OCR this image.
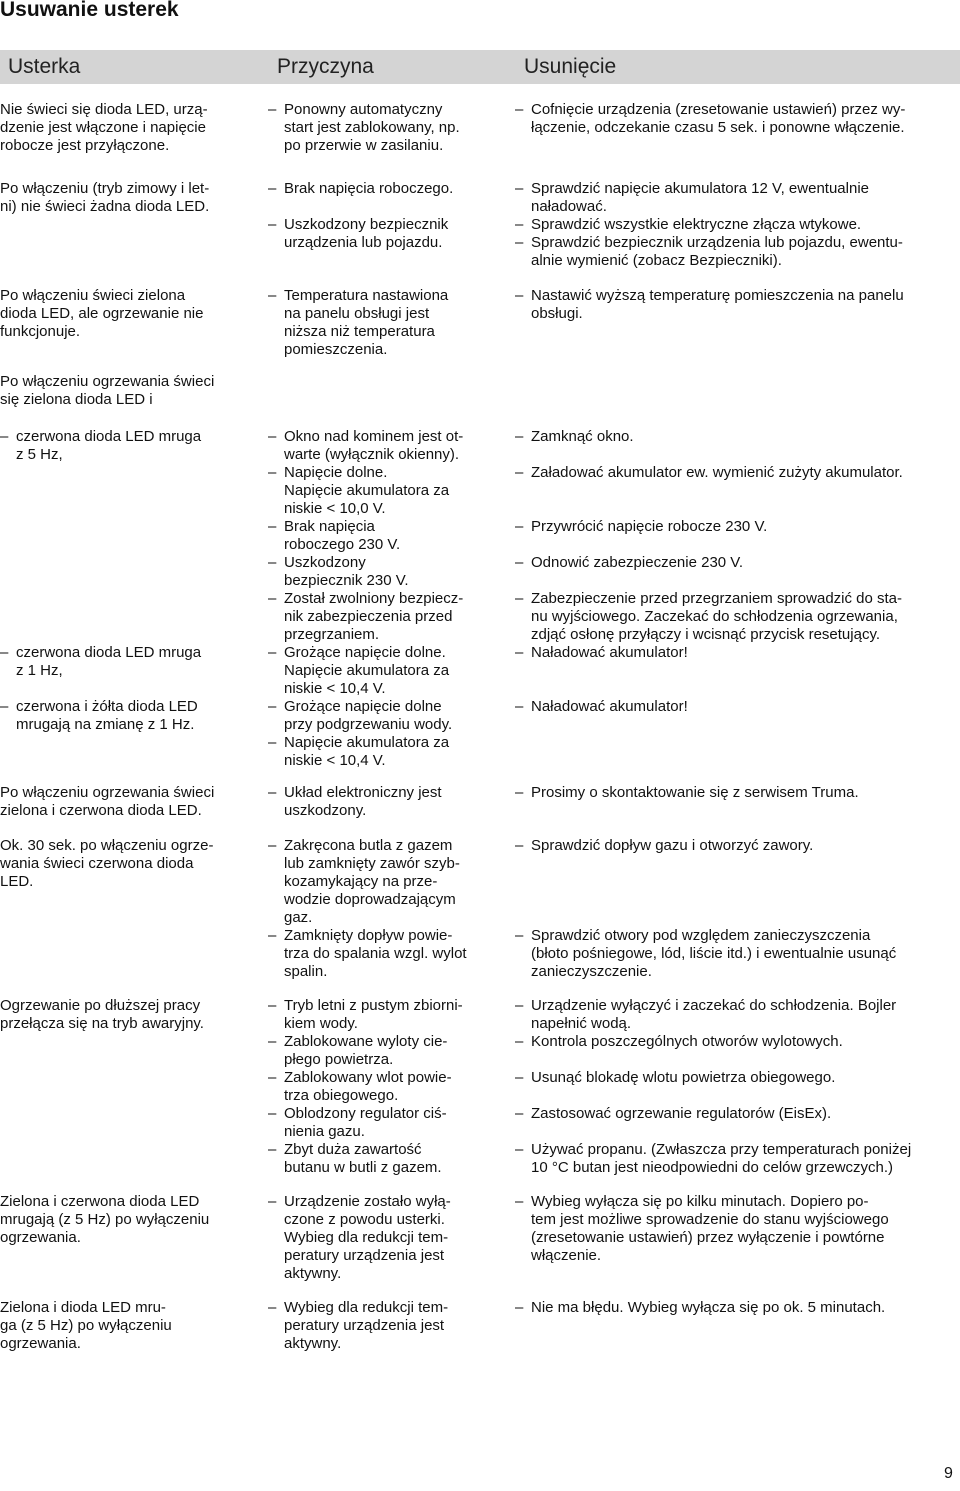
Usuwanie usterek
Usterka	Przyczyna	Usunięcie
Nie świeci się dioda LED, urzą-
dzenie jest włączone i napięcie
robocze jest przyłączone.
– Ponowny automatyczny
start jest zablokowany, np.
po przerwie w zasilaniu.
– Cofnięcie urządzenia (zresetowanie ustawień) przez wy-
łączenie, odczekanie czasu 5 sek. i ponowne włączenie.
Po włączeniu (tryb zimowy i let-
ni) nie świeci żadna dioda LED.
– Brak napięcia roboczego.
– Uszkodzony bezpiecznik
urządzenia lub pojazdu.
– Sprawdzić napięcie akumulatora 12 V, ewentualnie
naładować.
– Sprawdzić wszystkie elektryczne złącza wtykowe.
– Sprawdzić bezpiecznik urządzenia lub pojazdu, ewentu-
alnie wymienić (zobacz Bezpieczniki).
Po włączeniu świeci zielona
dioda LED, ale ogrzewanie nie
funkcjonuje.
– Temperatura nastawiona
na panelu obsługi jest
niższa niż temperatura
pomieszczenia.
– Nastawić wyższą temperaturę pomieszczenia na panelu
obsługi.
Po włączeniu ogrzewania świeci
się zielona dioda LED i
– czerwona dioda LED mruga
z 5 Hz,
– czerwona dioda LED mruga
z 1 Hz,
– czerwona i żółta dioda LED
mrugają na zmianę z 1 Hz.
– Okno nad kominem jest ot-
warte (wyłącznik okienny).
– Napięcie dolne.
Napięcie akumulatora za
niskie < 10,0 V.
– Brak napięcia
roboczego 230 V.
– Uszkodzony
bezpiecznik 230 V.
– Został zwolniony bezpiecz-
nik zabezpieczenia przed
przegrzaniem.
– Grożące napięcie dolne.
Napięcie akumulatora za
niskie < 10,4 V.
– Grożące napięcie dolne
przy podgrzewaniu wody.
– Napięcie akumulatora za
niskie < 10,4 V.
– Zamknąć okno.
– Załadować akumulator ew. wymienić zużyty akumulator.
– Przywrócić napięcie robocze 230 V.
– Odnowić zabezpieczenie 230 V.
– Zabezpieczenie przed przegrzaniem sprowadzić do sta-
nu wyjściowego. Zaczekać do schłodzenia ogrzewania,
zdjąć osłonę przyłączy i wcisnąć przycisk resetujący.
– Naładować akumulator!
– Naładować akumulator!
Po włączeniu ogrzewania świeci
zielona i czerwona dioda LED.
– Układ elektroniczny jest
uszkodzony.
– Prosimy o skontaktowanie się z serwisem Truma.
Ok. 30 sek. po włączeniu ogrze-
wania świeci czerwona dioda
LED.
– Zakręcona butla z gazem
lub zamknięty zawór szyb-
kozamykający na prze-
wodzie doprowadzającym
gaz.
– Zamknięty dopływ powie-
trza do spalania wzgl. wylot
spalin.
– Sprawdzić dopływ gazu i otworzyć zawory.
– Sprawdzić otwory pod względem zanieczyszczenia
(błoto pośniegowe, lód, liście itd.) i ewentualnie usunąć
zanieczyszczenie.
Ogrzewanie po dłuższej pracy
przełącza się na tryb awaryjny.
– Tryb letni z pustym zbiorni-
kiem wody.
– Zablokowane wyloty cie-
płego powietrza.
– Zablokowany wlot powie-
trza obiegowego.
– Oblodzony regulator ciś-
nienia gazu.
– Zbyt duża zawartość
butanu w butli z gazem.
– Urządzenie wyłączyć i zaczekać do schłodzenia. Bojler
napełnić wodą.
– Kontrola poszczególnych otworów wylotowych.
– Usunąć blokadę wlotu powietrza obiegowego.
– Zastosować ogrzewanie regulatorów (EisEx).
– Używać propanu. (Zwłaszcza przy temperaturach poniżej
10 °C butan jest nieodpowiedni do celów grzewczych.)
Zielona i czerwona dioda LED
mrugają (z 5 Hz) po wyłączeniu
ogrzewania.
– Urządzenie zostało wyłą-
czone z powodu usterki.
Wybieg dla redukcji tem-
peratury urządzenia jest
aktywny.
– Wybieg wyłącza się po kilku minutach. Dopiero po-
tem jest możliwe sprowadzenie do stanu wyjściowego
(zresetowanie ustawień) przez wyłączenie i powtórne
włączenie.
Zielona i dioda LED mru-
ga (z 5 Hz) po wyłączeniu
ogrzewania.
– Wybieg dla redukcji tem-
peratury urządzenia jest
aktywny.
– Nie ma błędu. Wybieg wyłącza się po ok. 5 minutach.
9
